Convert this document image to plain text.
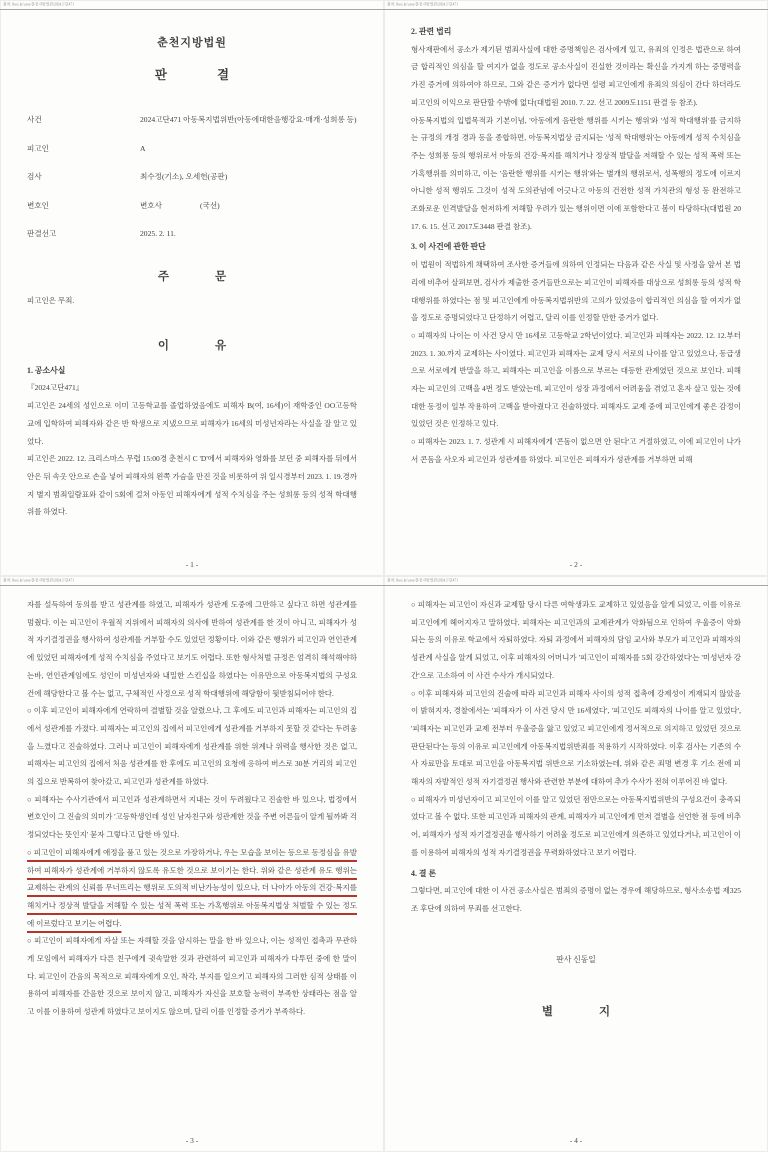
출처: lbox.kr/case/춘천지방법원/2024고단471
춘천지방법원
판    결
사건	2024고단471 아동복지법위반(아동에대한음행강요·매개·성희롱 등)
피고인	A
검사	최수정(기소), 오세헌(공판)
변호인	변호사     (국선)
판결선고	2025. 2. 11.
주    문
피고인은 무죄.
이    유
1. 공소사실
『2024고단471』
피고인은 24세의 성인으로 이미 고등학교를 졸업하였음에도 피해자 B(여, 16세)이 재학중인 OO고등학교에 입학하여 피해자와 같은 반 학생으로 지냈으므로 피해자가 16세의 미성년자라는 사실을 잘 알고 있었다.
피고인은 2022. 12. 크리스마스 무렵 15:00경 춘천시 C 'D'에서 피해자와 영화를 보던 중 피해자를 뒤에서 안은 뒤 속옷 안으로 손을 넣어 피해자의 왼쪽 가슴을 만진 것을 비롯하여 위 일시경부터 2023. 1. 19.경까지 별지 범죄일람표와 같이 5회에 걸쳐 아동인 피해자에게 성적 수치심을 주는 성희롱 등의 성적 학대행위를 하였다.
- 1 -
출처: lbox.kr/case/춘천지방법원/2024고단471
2. 관련 법리
형사재판에서 공소가 제기된 범죄사실에 대한 증명책임은 검사에게 있고, 유죄의 인정은 법관으로 하여금 합리적인 의심을 할 여지가 없을 정도로 공소사실이 진실한 것이라는 확신을 가지게 하는 증명력을 가진 증거에 의하여야 하므로, 그와 같은 증거가 없다면 설령 피고인에게 유죄의 의심이 간다 하더라도 피고인의 이익으로 판단할 수밖에 없다(대법원 2010. 7. 22. 선고 2009도1151 판결 등 참조).
아동복지법의 입법목적과 기본이념, '아동에게 음란한 행위를 시키는 행위'와 '성적 학대행위'를 금지하는 규정의 개정 경과 등을 종합하면, 아동복지법상 금지되는 '성적 학대행위'는 아동에게 성적 수치심을 주는 성희롱 등의 행위로서 아동의 건강·복지를 해치거나 정상적 발달을 저해할 수 있는 성적 폭력 또는 가혹행위를 의미하고, 이는 '음란한 행위를 시키는 행위'와는 별개의 행위로서, 성폭행의 정도에 이르지 아니한 성적 행위도 그것이 성적 도의관념에 어긋나고 아동의 건전한 성적 가치관의 형성 등 완전하고 조화로운 인격발달을 현저하게 저해할 우려가 있는 행위이면 이에 포함한다고 봄이 타당하다(대법원 2017. 6. 15. 선고 2017도3448 판결 참조).
3. 이 사건에 관한 판단
이 법원이 적법하게 채택하여 조사한 증거들에 의하여 인정되는 다음과 같은 사실 및 사정을 앞서 본 법리에 비추어 살펴보면, 검사가 제출한 증거들만으로는 피고인이 피해자를 대상으로 성희롱 등의 성적 학대행위를 하였다는 점 및 피고인에게 아동복지법위반의 고의가 있었음이 합리적인 의심을 할 여지가 없을 정도로 증명되었다고 단정하기 어렵고, 달리 이를 인정할 만한 증거가 없다.
○ 피해자의 나이는 이 사건 당시 만 16세로 고등학교 2학년이었다. 피고인과 피해자는 2022. 12. 12.부터 2023. 1. 30.까지 교제하는 사이였다. 피고인과 피해자는 교제 당시 서로의 나이를 알고 있었으나, 동급생으로 서로에게 반말을 하고, 피해자는 피고인을 이름으로 부르는 대등한 관계였던 것으로 보인다. 피해자는 피고인의 고백을 4번 정도 받았는데, 피고인이 성장 과정에서 어려움을 겪었고 혼자 살고 있는 것에 대한 동정이 일부 작용하여 고백을 받아줬다고 진술하였다. 피해자도 교제 중에 피고인에게 좋은 감정이 있었던 것은 인정하고 있다.
○ 피해자는 2023. 1. 7. 성관계 시 피해자에게 '콘돔이 없으면 안 된다'고 거절하였고, 이에 피고인이 나가서 콘돔을 사오자 피고인과 성관계를 하였다. 피고인은 피해자가 성관계를 거부하면 피해
- 2 -
출처: lbox.kr/case/춘천지방법원/2024고단471
자를 설득하여 동의를 받고 성관계를 하였고, 피해자가 성관계 도중에 그만하고 싶다고 하면 성관계를 멈췄다. 이는 피고인이 우월적 지위에서 피해자의 의사에 반하여 성관계를 한 것이 아니고, 피해자가 성적 자기결정권을 행사하여 성관계를 거부할 수도 있었던 정황이다. 이와 같은 행위가 피고인과 연인관계에 있었던 피해자에게 성적 수치심을 주었다고 보기도 어렵다. 또한 형사처벌 규정은 엄격히 해석해야하는바, 연인관계임에도 성인이 미성년자와 내밀한 스킨십을 하였다는 이유만으로 아동복지법의 구성요건에 해당한다고 볼 수는 없고, 구체적인 사정으로 성적 학대행위에 해당함이 뒷받침되어야 한다.
○ 이후 피고인이 피해자에게 연락하여 결별할 것을 알렸으나, 그 후에도 피고인과 피해자는 피고인의 집에서 성관계를 가졌다. 피해자는 피고인의 집에서 피고인에게 성관계를 거부하지 못할 것 같다는 두려움을 느꼈다고 진술하였다. 그러나 피고인이 피해자에게 성관계를 위한 위계나 위력을 행사한 것은 없고, 피해자는 피고인의 집에서 처음 성관계를 한 후에도 피고인의 요청에 응하여 버스로 30분 거리의 피고인의 집으로 반복하여 찾아갔고, 피고인과 성관계를 하였다.
○ 피해자는 수사기관에서 피고인과 성관계하면서 지내는 것이 두려웠다고 진술한 바 있으나, 법정에서 변호인이 그 진술의 의미가 '고등학생인데 성인 남자친구와 성관계한 것을 주변 어른들이 알게 될까봐 걱정되었다는 뜻인지' 묻자 그렇다고 답한 바 있다.
○ 피고인이 피해자에게 애정을 품고 있는 것으로 가장하거나, 우는 모습을 보이는 등으로 동정심을 유발하여 피해자가 성관계에 거부하지 않도록 유도한 것으로 보이기는 한다. 위와 같은 성관계 유도 행위는 교제하는 관계의 신뢰를 무너뜨리는 행위로 도의적 비난가능성이 있으나, 더 나아가 아동의 건강·복지를 해치거나 정상적 발달을 저해할 수 있는 성적 폭력 또는 가혹행위로 아동복지법상 처벌할 수 있는 정도에 이르렀다고 보기는 어렵다.
○ 피고인이 피해자에게 자살 또는 자해할 것을 암시하는 말을 한 바 있으나, 이는 성적인 접촉과 무관하게 모임에서 피해자가 다른 친구에게 귓속말한 것과 관련하여 피고인과 피해자가 다투던 중에 한 말이다. 피고인이 간음의 목적으로 피해자에게 오인, 착각, 부지를 일으키고 피해자의 그러한 심적 상태를 이용하여 피해자를 간음한 것으로 보이지 않고, 피해자가 자신을 보호할 능력이 부족한 상태라는 점을 알고 이를 이용하여 성관계 하였다고 보이지도 않으며, 달리 이를 인정할 증거가 부족하다.
- 3 -
출처: lbox.kr/case/춘천지방법원/2024고단471
○ 피해자는 피고인이 자신과 교제할 당시 다른 여학생과도 교제하고 있었음을 알게 되었고, 이를 이유로 피고인에게 헤어지자고 말하였다. 피해자는 피고인과의 교제관계가 악화됨으로 인하여 우울증이 악화되는 등의 이유로 학교에서 자퇴하였다. 자퇴 과정에서 피해자의 담임 교사와 부모가 피고인과 피해자의 성관계 사실을 알게 되었고, 이후 피해자의 어머니가 '피고인이 피해자를 5회 강간하였다'는 '미성년자 강간'으로 고소하여 이 사건 수사가 개시되었다.
○ 이후 피해자와 피고인의 진술에 따라 피고인과 피해자 사이의 성적 접촉에 강제성이 게재되지 않았음이 밝혀지자, 경찰에서는 '피해자가 이 사건 당시 만 16세였다', '피고인도 피해자의 나이를 알고 있었다', '피해자는 피고인과 교제 전부터 우울증을 앓고 있었고 피고인에게 정서적으로 의지하고 있었던 것으로 판단된다'는 등의 이유로 피고인에게 아동복지법위반죄를 적용하기 시작하였다. 이후 검사는 기존의 수사 자료만을 토대로 피고인을 아동복지법 위반으로 기소하였는데, 위와 같은 죄명 변경 후 기소 전에 피해자의 자발적인 성적 자기결정권 행사와 관련한 부분에 대하여 추가 수사가 전혀 이루어진 바 없다.
○ 피해자가 미성년자이고 피고인이 이를 알고 있었던 점만으로는 아동복지법위반의 구성요건이 충족되었다고 볼 수 없다. 또한 피고인과 피해자의 관계, 피해자가 피고인에게 먼저 결별을 선언한 점 등에 비추어, 피해자가 성적 자기결정권을 행사하기 어려울 정도로 피고인에게 의존하고 있었다거나, 피고인이 이를 이용하여 피해자의 성적 자기결정권을 무력화하였다고 보기 어렵다.
4. 결 론
그렇다면, 피고인에 대한 이 사건 공소사실은 범죄의 증명이 없는 경우에 해당하므로, 형사소송법 제325조 후단에 의하여 무죄를 선고한다.
판사 신동일
별    지
- 4 -
